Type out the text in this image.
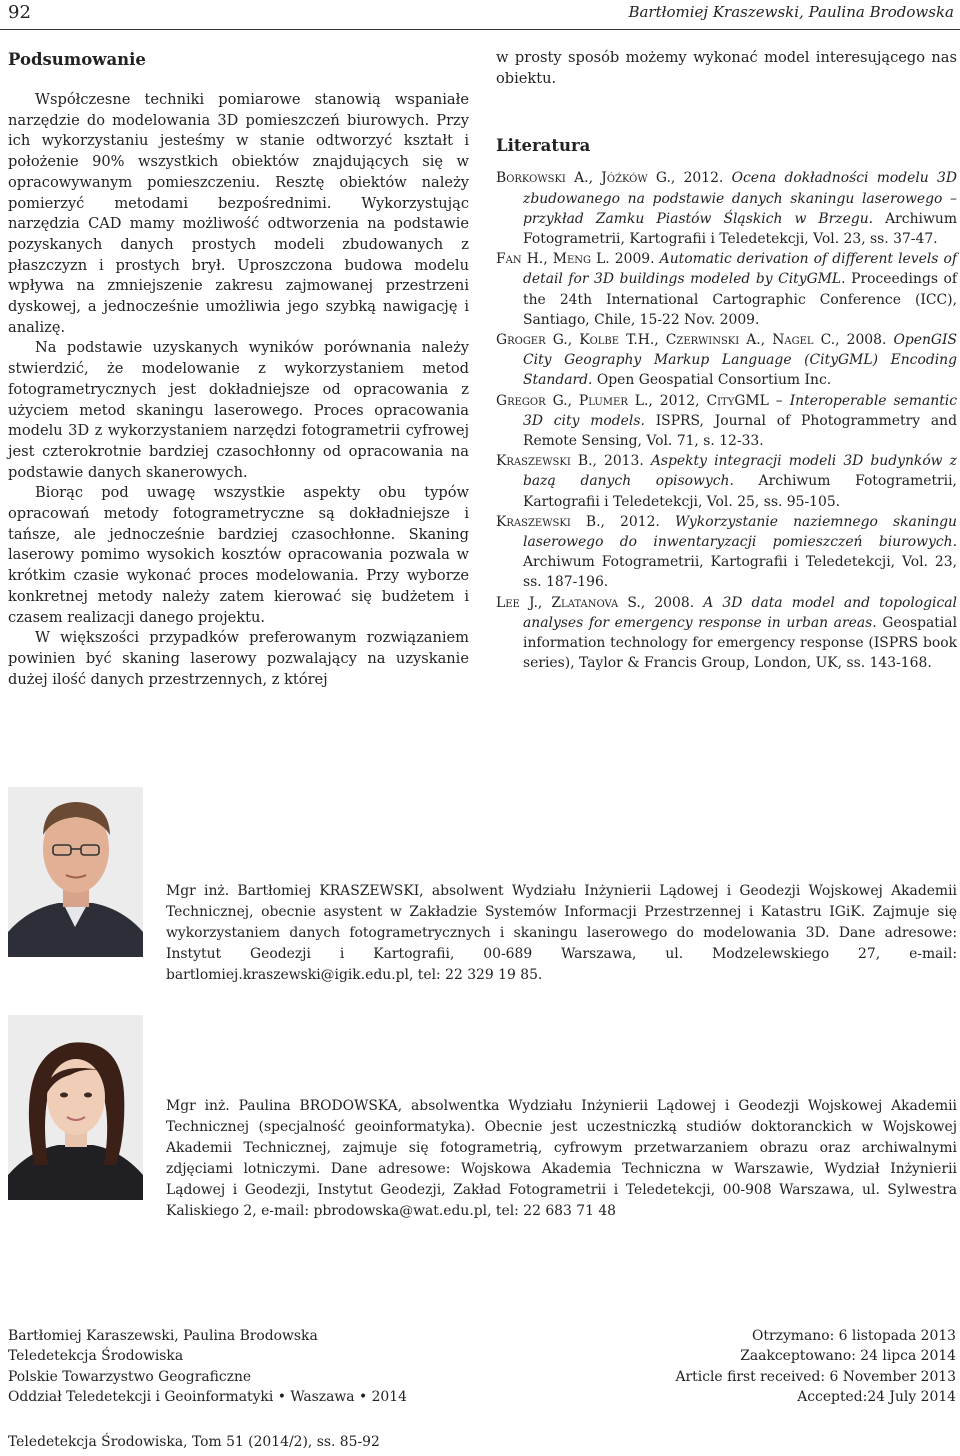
92	Bartłomiej Kraszewski, Paulina Brodowska
Podsumowanie

Współczesne techniki pomiarowe stanowią wspaniałe narzędzie do modelowania 3D pomieszczeń biurowych. Przy ich wykorzystaniu jesteśmy w stanie odtworzyć kształt i położenie 90% wszystkich obiektów znajdujących się w opracowywanym pomieszczeniu. Resztę obiektów należy pomierzyć metodami bezpośrednimi. Wykorzystując narzędzia CAD mamy możliwość odtworzenia na podstawie pozyskanych danych prostych modeli zbudowanych z płaszczyzn i prostych brył. Uproszczona budowa modelu wpływa na zmniejszenie zakresu zajmowanej przestrzeni dyskowej, a jednocześnie umożliwia jego szybką nawigację i analizę.

Na podstawie uzyskanych wyników porównania należy stwierdzić, że modelowanie z wykorzystaniem metod fotogrametrycznych jest dokładniejsze od opracowania z użyciem metod skaningu laserowego. Proces opracowania modelu 3D z wykorzystaniem narzędzi fotogrametrii cyfrowej jest czterokrotnie bardziej czasochłonny od opracowania na podstawie danych skanerowych.

Biorąc pod uwagę wszystkie aspekty obu typów opracowań metody fotogrametryczne są dokładniejsze i tańsze, ale jednocześnie bardziej czasochłonne. Skaning laserowy pomimo wysokich kosztów opracowania pozwala w krótkim czasie wykonać proces modelowania. Przy wyborze konkretnej metody należy zatem kierować się budżetem i czasem realizacji danego projektu.

W większości przypadków preferowanym rozwiązaniem powinien być skaning laserowy pozwalający na uzyskanie dużej ilość danych przestrzennych, z której

w prosty sposób możemy wykonać model interesującego nas obiektu.

Literatura
Borkowski A., Jóźków G., 2012. Ocena dokładności modelu 3D zbudowanego na podstawie danych skaningu laserowego – przykład Zamku Piastów Śląskich w Brzegu. Archiwum Fotogrametrii, Kartografii i Teledetekcji, Vol. 23, ss. 37-47.
Fan H., Meng L. 2009. Automatic derivation of different levels of detail for 3D buildings modeled by CityGML. Proceedings of the 24th International Cartographic Conference (ICC), Santiago, Chile, 15-22 Nov. 2009.
Groger G., Kolbe T.H., Czerwinski A., Nagel C., 2008. OpenGIS City Geography Markup Language (CityGML) Encoding Standard. Open Geospatial Consortium Inc.
Gregor G., Plumer L., 2012, CityGML – Interoperable semantic 3D city models. ISPRS, Journal of Photogrammetry and Remote Sensing, Vol. 71, s. 12-33.
Kraszewski B., 2013. Aspekty integracji modeli 3D budynków z bazą danych opisowych. Archiwum Fotogrametrii, Kartografii i Teledetekcji, Vol. 25, ss. 95-105.
Kraszewski B., 2012. Wykorzystanie naziemnego skaningu laserowego do inwentaryzacji pomieszczeń biurowych. Archiwum Fotogrametrii, Kartografii i Teledetekcji, Vol. 23, ss. 187-196.
Lee J., Zlatanova S., 2008. A 3D data model and topological analyses for emergency response in urban areas. Geospatial information technology for emergency response (ISPRS book series), Taylor & Francis Group, London, UK, ss. 143-168.
Mgr inż. Bartłomiej KRASZEWSKI, absolwent Wydziału Inżynierii Lądowej i Geodezji Wojskowej Akademii Technicznej, obecnie asystent w Zakładzie Systemów Informacji Przestrzennej i Katastru IGiK. Zajmuje się wykorzystaniem danych fotogrametrycznych i skaningu laserowego do modelowania 3D. Dane adresowe: Instytut Geodezji i Kartografii, 00-689 Warszawa, ul. Modzelewskiego 27, e-mail: bartlomiej.kraszewski@igik.edu.pl, tel: 22 329 19 85.
Mgr inż. Paulina BRODOWSKA, absolwentka Wydziału Inżynierii Lądowej i Geodezji Wojskowej Akademii Technicznej (specjalność geoinformatyka). Obecnie jest uczestniczką studiów doktoranckich w Wojskowej Akademii Technicznej, zajmuje się fotogrametrią, cyfrowym przetwarzaniem obrazu oraz archiwalnymi zdjęciami lotniczymi. Dane adresowe: Wojskowa Akademia Techniczna w Warszawie, Wydział Inżynierii Lądowej i Geodezji, Instytut Geodezji, Zakład Fotogrametrii i Teledetekcji, 00-908 Warszawa, ul. Sylwestra Kaliskiego 2, e-mail: pbrodowska@wat.edu.pl, tel: 22 683 71 48
Bartłomiej Karaszewski, Paulina Brodowska
Teledetekcja Środowiska
Polskie Towarzystwo Geograficzne
Oddział Teledetekcji i Geoinformatyki • Waszawa • 2014
Otrzymano: 6 listopada 2013
Zaakceptowano: 24 lipca 2014
Article first received: 6 November 2013
Accepted:24 July 2014
Teledetekcja Środowiska, Tom 51 (2014/2), ss. 85-92
